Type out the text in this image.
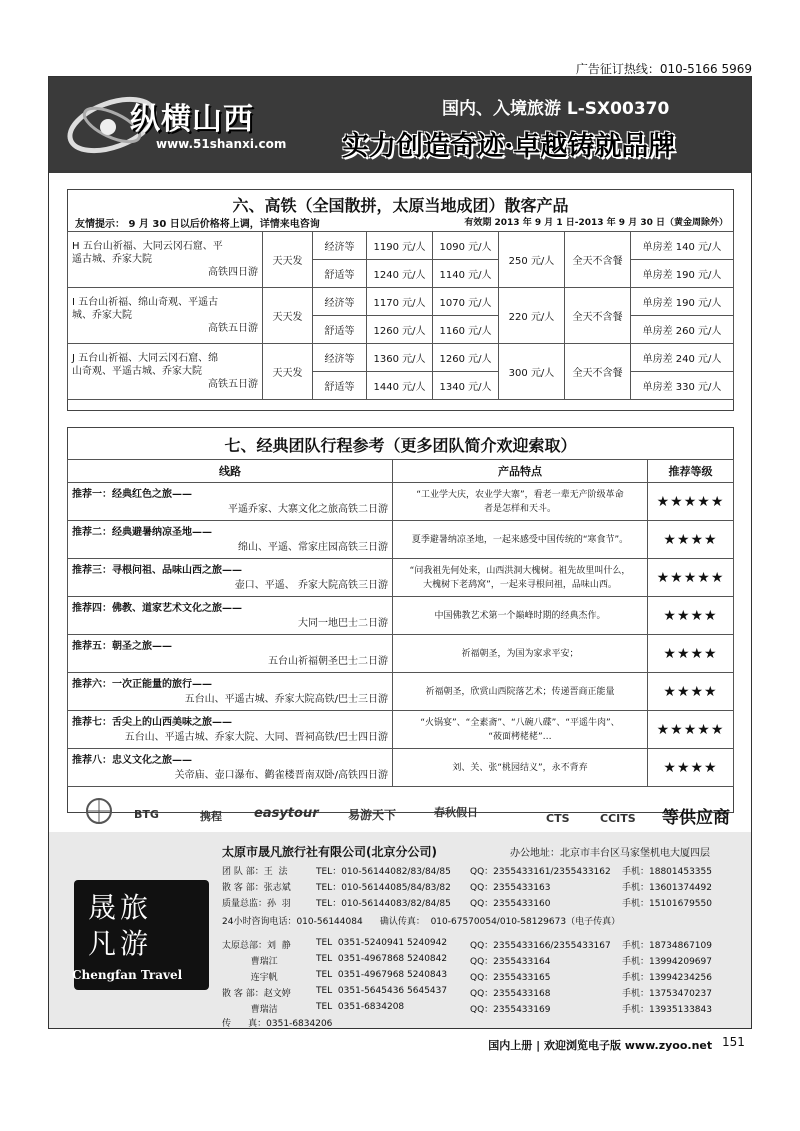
广告征订热线：010-5166 5969
纵横山西
www.51shanxi.com
国内、入境旅游 L-SX00370
实力创造奇迹·卓越铸就品牌
六、高铁（全国散拼，太原当地成团）散客产品
友情提示： 9 月 30 日以后价格将上调，详情来电咨询	有效期 2013 年 9 月 1 日-2013 年 9 月 30 日（黄金周除外）
H 五台山祈福、大同云冈石窟、平
遥古城、乔家大院
高铁四日游	天天发	经济等	1190 元/人	1090 元/人	250 元/人	全天不含餐	单房差 140 元/人
		舒适等	1240 元/人	1140 元/人			单房差 190 元/人
I 五台山祈福、绵山奇观、平遥古
城、乔家大院
高铁五日游	天天发	经济等	1170 元/人	1070 元/人	220 元/人	全天不含餐	单房差 190 元/人
		舒适等	1260 元/人	1160 元/人			单房差 260 元/人
J 五台山祈福、大同云冈石窟、绵
山奇观、平遥古城、乔家大院
高铁五日游	天天发	经济等	1360 元/人	1260 元/人	300 元/人	全天不含餐	单房差 240 元/人
		舒适等	1440 元/人	1340 元/人			单房差 330 元/人
七、经典团队行程参考（更多团队简介欢迎索取）
线路	产品特点	推荐等级
推荐一：经典红色之旅——
平遥乔家、大寨文化之旅高铁二日游	“工业学大庆，农业学大寨”，看老一辈无产阶级革命
者是怎样和天斗。	★★★★★
推荐二：经典避暑纳凉圣地——
绵山、平遥、常家庄园高铁三日游	夏季避暑纳凉圣地，一起来感受中国传统的“寒食节”。	★★★★
推荐三：寻根问祖、品味山西之旅——
壶口、平遥、 乔家大院高铁三日游	“问我祖先何处来，山西洪洞大槐树。祖先故里叫什么，
大槐树下老鸹窝”，一起来寻根问祖，品味山西。	★★★★★
推荐四：佛教、道家艺术文化之旅——
大同一地巴士二日游	中国佛教艺术第一个巅峰时期的经典杰作。	★★★★
推荐五：朝圣之旅——
五台山祈福朝圣巴士二日游	祈福朝圣，为国为家求平安；	★★★★
推荐六：一次正能量的旅行——
五台山、平遥古城、乔家大院高铁/巴士三日游	祈福朝圣，欣赏山西院落艺术；传递晋商正能量	★★★★
推荐七：舌尖上的山西美味之旅——
五台山、平遥古城、乔家大院、大同、晋祠高铁/巴士四日游	“火锅宴”、“全素斋”、“八碗八碟”、“平遥牛肉”、
“莜面栲栳栳”…	★★★★★
推荐八：忠义文化之旅——
关帝庙、壶口瀑布、鹳雀楼晋南双卧/高铁四日游	刘、关、张“桃园结义”，永不背弃	★★★★
BTG	携程 easytour 易游天下	春秋假日	CTS	CCITS 等供应商
晟旅
凡游
Chengfan Travel
太原市晟凡旅行社有限公司(北京分公司)	办公地址：北京市丰台区马家堡机电大厦四层
团 队 部：王  法	TEL：010-56144082/83/84/85 QQ：2355433161/2355433162 手机：18801453355
散 客 部：张志斌	TEL：010-56144085/84/83/82 QQ：2355433163	手机：13601374492
质量总监：孙  羽	TEL：010-56144083/82/84/85 QQ：2355433160	手机：15101679550
24小时咨询电话：010-56144084      确认传真：  010-67570054/010-58129673（电子传真）
太原总部：刘  静	TEL  0351-5240941 5240942	QQ：2355433166/2355433167 手机：18734867109
曹瑞江	TEL  0351-4967868 5240842	QQ：2355433164	手机：13994209697
连宇帆	TEL  0351-4967968 5240843	QQ：2355433165	手机：13994234256
散 客 部：赵文婷	TEL  0351-5645436 5645437	QQ：2355433168	手机：13753470237
曹瑞洁	TEL  0351-6834208	QQ：2355433169	手机：13935133843
传      真：0351-6834206
国内上册 | 欢迎浏览电子版 www.zyoo.net 151
